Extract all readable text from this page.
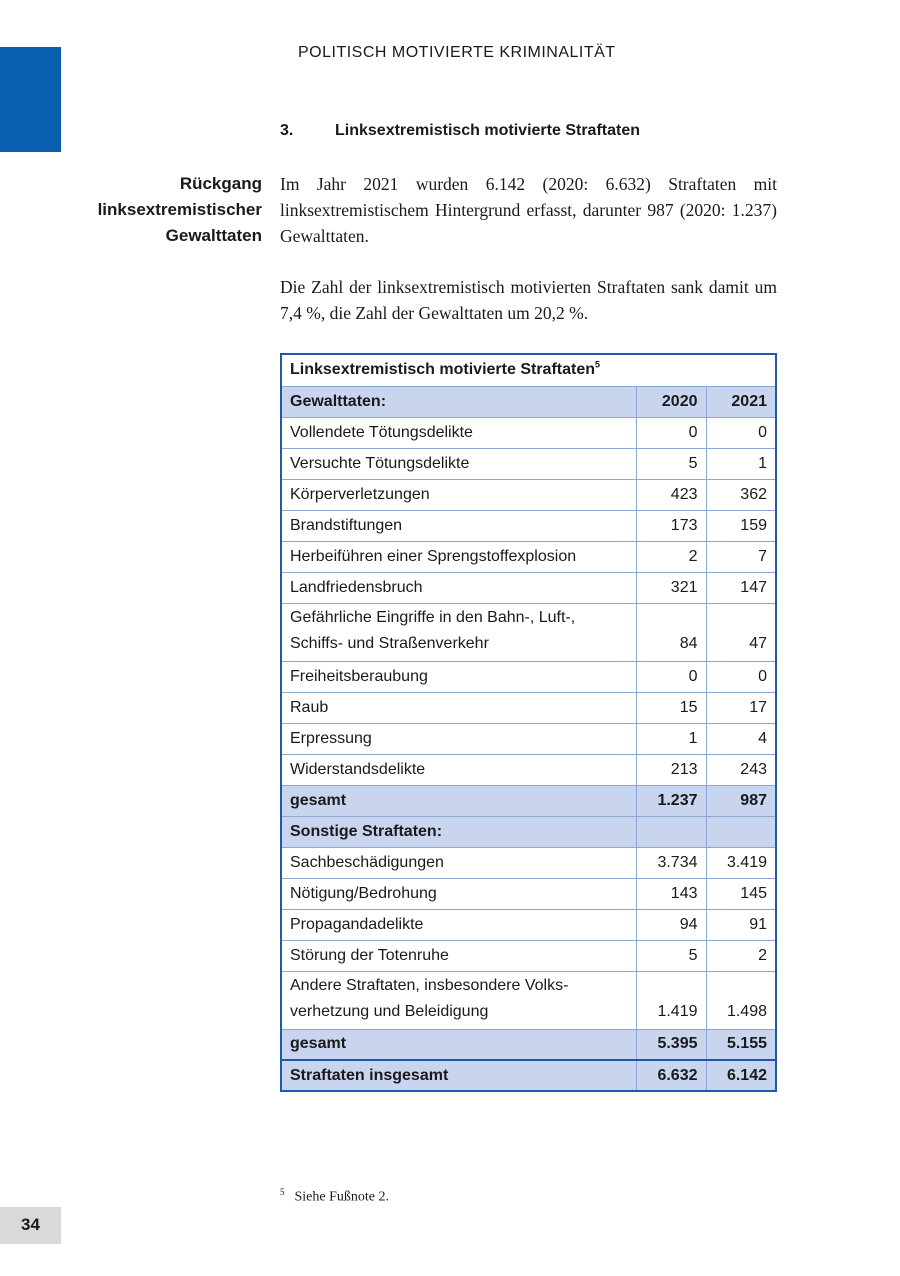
POLITISCH MOTIVIERTE KRIMINALITÄT
3.	Linksextremistisch motivierte Straftaten
Rückgang
linksextremistischer
Gewalttaten

Im Jahr 2021 wurden 6.142 (2020: 6.632) Straftaten mit linksextremistischem Hintergrund erfasst, darunter 987 (2020: 1.237) Gewalttaten.

Die Zahl der linksextremistisch motivierten Straftaten sank damit um 7,4 %, die Zahl der Gewalttaten um 20,2 %.

Linksextremistisch motivierte Straftaten$^5$
Gewalttaten:	2020	2021
Vollendete Tötungsdelikte	0	0
Versuchte Tötungsdelikte	5	1
Körperverletzungen	423	362
Brandstiftungen	173	159
Herbeiführen einer Sprengstoffexplosion	2	7
Landfriedensbruch	321	147
Gefährliche Eingriffe in den Bahn-, Luft-,
Schiffs- und Straßenverkehr	84	47
Freiheitsberaubung	0	0
Raub	15	17
Erpressung	1	4
Widerstandsdelikte	213	243
gesamt	1.237	987
Sonstige Straftaten:		
Sachbeschädigungen	3.734	3.419
Nötigung/Bedrohung	143	145
Propagandadelikte	94	91
Störung der Totenruhe	5	2
Andere Straftaten, insbesondere Volks-
verhetzung und Beleidigung	1.419	1.498
gesamt	5.395	5.155
Straftaten insgesamt	6.632	6.142
$^5$ Siehe Fußnote 2.
34
